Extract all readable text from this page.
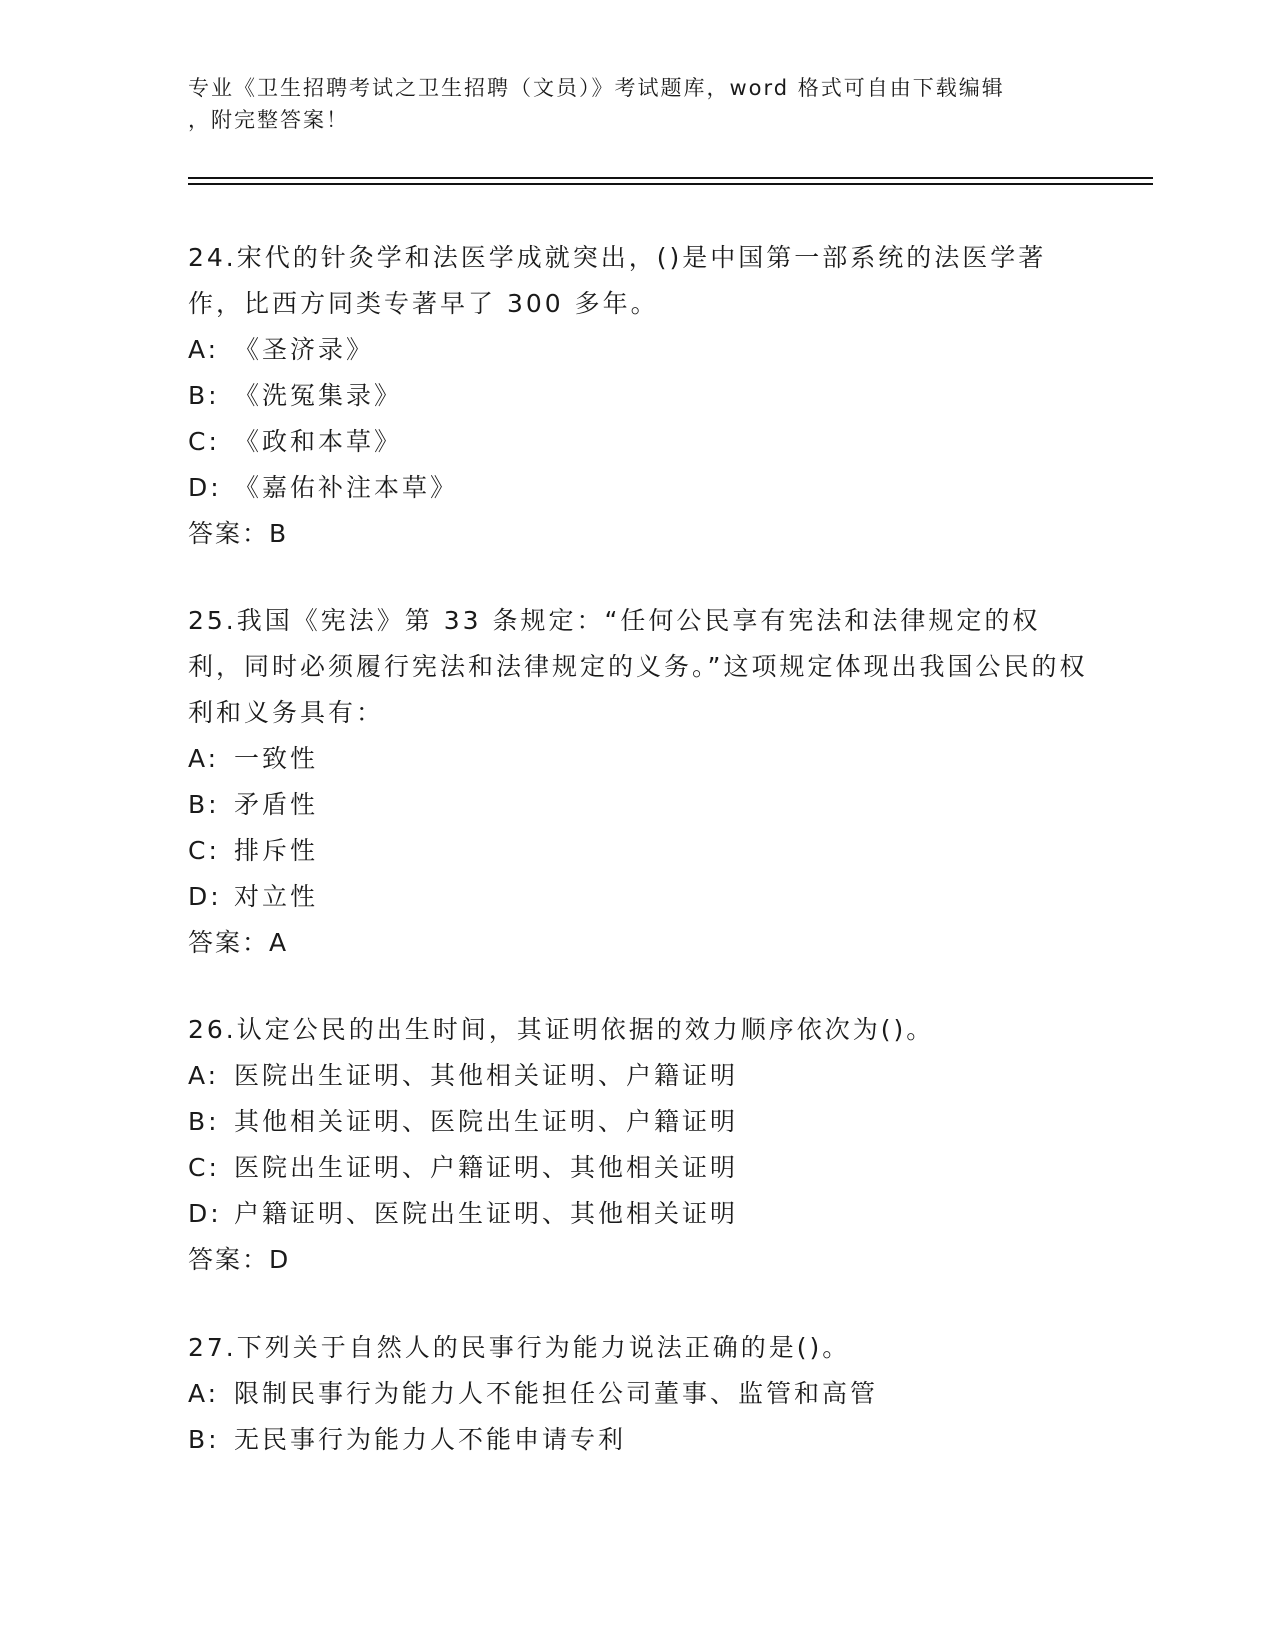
专业《卫生招聘考试之卫生招聘（文员）》考试题库，word 格式可自由下载编辑
，附完整答案！
24.宋代的针灸学和法医学成就突出，()是中国第一部系统的法医学著作，比西方同类专著早了 300 多年。
A: 《圣济录》
B: 《洗冤集录》
C: 《政和本草》
D: 《嘉佑补注本草》
答案：B
25.我国《宪法》第 33 条规定：“任何公民享有宪法和法律规定的权利，同时必须履行宪法和法律规定的义务。”这项规定体现出我国公民的权利和义务具有：
A: 一致性
B: 矛盾性
C: 排斥性
D: 对立性
答案：A
26.认定公民的出生时间，其证明依据的效力顺序依次为()。
A: 医院出生证明、其他相关证明、户籍证明
B: 其他相关证明、医院出生证明、户籍证明
C: 医院出生证明、户籍证明、其他相关证明
D: 户籍证明、医院出生证明、其他相关证明
答案：D
27.下列关于自然人的民事行为能力说法正确的是()。
A: 限制民事行为能力人不能担任公司董事、监管和高管
B: 无民事行为能力人不能申请专利
